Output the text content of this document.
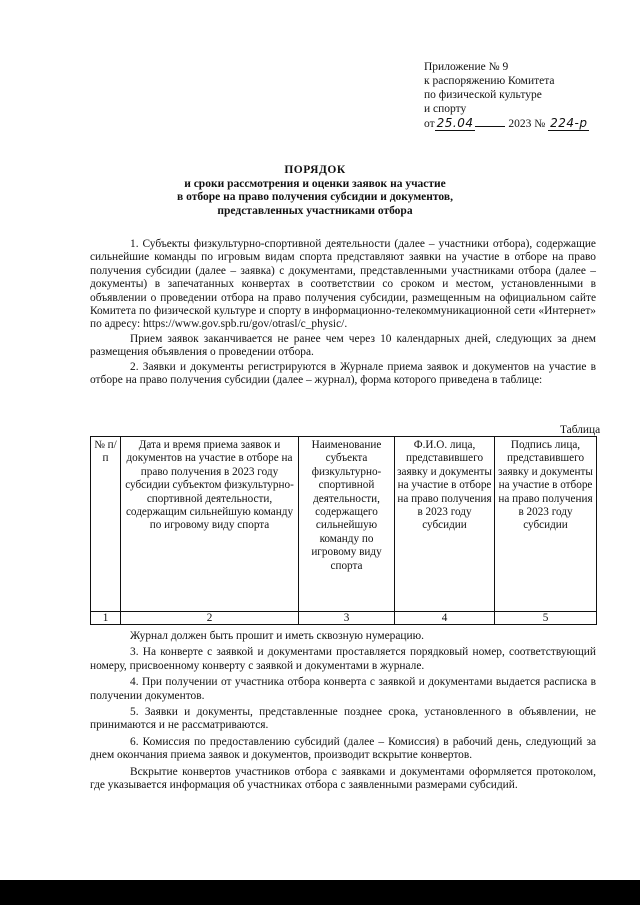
Приложение № 9
к распоряжению Комитета
по физической культуре
и спорту
от 25.04	2023 № 224-р
ПОРЯДОК
и сроки рассмотрения и оценки заявок на участие
в отборе на право получения субсидии и документов,
представленных участниками отбора

1. Субъекты физкультурно-спортивной деятельности (далее – участники отбора), содержащие сильнейшие команды по игровым видам спорта представляют заявки на участие в отборе на право получения субсидии (далее – заявка) с документами, представленными участниками отбора (далее – документы) в запечатанных конвертах в соответствии со сроком и местом, установленными в объявлении о проведении отбора на право получения субсидии, размещенным на официальном сайте Комитета по физической культуре и спорту в информационно-телекоммуникационной сети «Интернет» по адресу: https://www.gov.spb.ru/gov/otrasl/c_physic/.

Прием заявок заканчивается не ранее чем через 10 календарных дней, следующих за днем размещения объявления о проведении отбора.

2. Заявки и документы регистрируются в Журнале приема заявок и документов на участие в отборе на право получения субсидии (далее – журнал), форма которого приведена в таблице:

Таблица
№ п/п	Дата и время приема заявок и документов на участие в отборе на право получения в 2023 году субсидии субъектом физкультурно-спортивной деятельности, содержащим сильнейшую команду по игровому виду спорта	Наименование субъекта физкультурно-спортивной деятельности, содержащего сильнейшую команду по игровому виду спорта	Ф.И.О. лица, представившего заявку и документы на участие в отборе на право получения в 2023 году субсидии	Подпись лица, представившего заявку и документы на участие в отборе на право получения в 2023 году субсидии
1	2	3	4	5

Журнал должен быть прошит и иметь сквозную нумерацию.

3. На конверте с заявкой и документами проставляется порядковый номер, соответствующий номеру, присвоенному конверту с заявкой и документами в журнале.

4. При получении от участника отбора конверта с заявкой и документами выдается расписка в получении документов.

5. Заявки и документы, представленные позднее срока, установленного в объявлении, не принимаются и не рассматриваются.

6. Комиссия по предоставлению субсидий (далее – Комиссия) в рабочий день, следующий за днем окончания приема заявок и документов, производит вскрытие конвертов.

Вскрытие конвертов участников отбора с заявками и документами оформляется протоколом, где указывается информация об участниках отбора с заявленными размерами субсидий.
